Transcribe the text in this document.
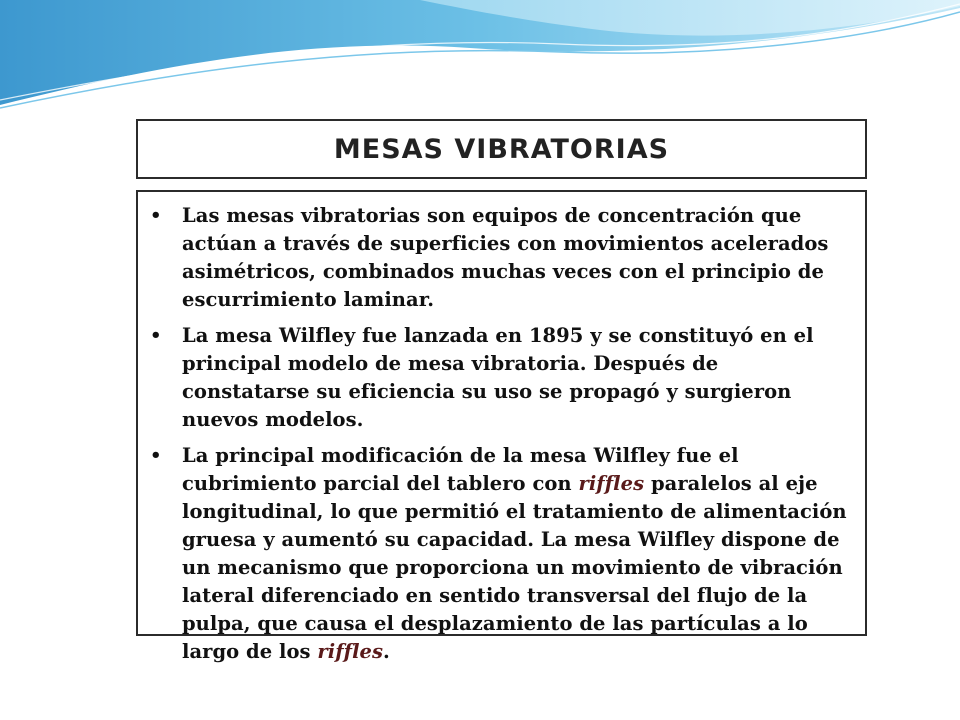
MESAS VIBRATORIAS
• Las mesas vibratorias son equipos de concentración que actúan a través de superficies con movimientos acelerados asimétricos, combinados muchas veces con el principio de escurrimiento laminar.
• La mesa Wilfley fue lanzada en 1895 y se constituyó en el principal modelo de mesa vibratoria. Después de constatarse su eficiencia su uso se propagó y surgieron nuevos modelos.
• La principal modificación de la mesa Wilfley fue el cubrimiento parcial del tablero con riffles paralelos al eje longitudinal, lo que permitió el tratamiento de alimentación gruesa y aumentó su capacidad. La mesa Wilfley dispone de un mecanismo que proporciona un movimiento de vibración lateral diferenciado en sentido transversal del flujo de la pulpa, que causa el desplazamiento de las partículas a lo largo de los riffles.
